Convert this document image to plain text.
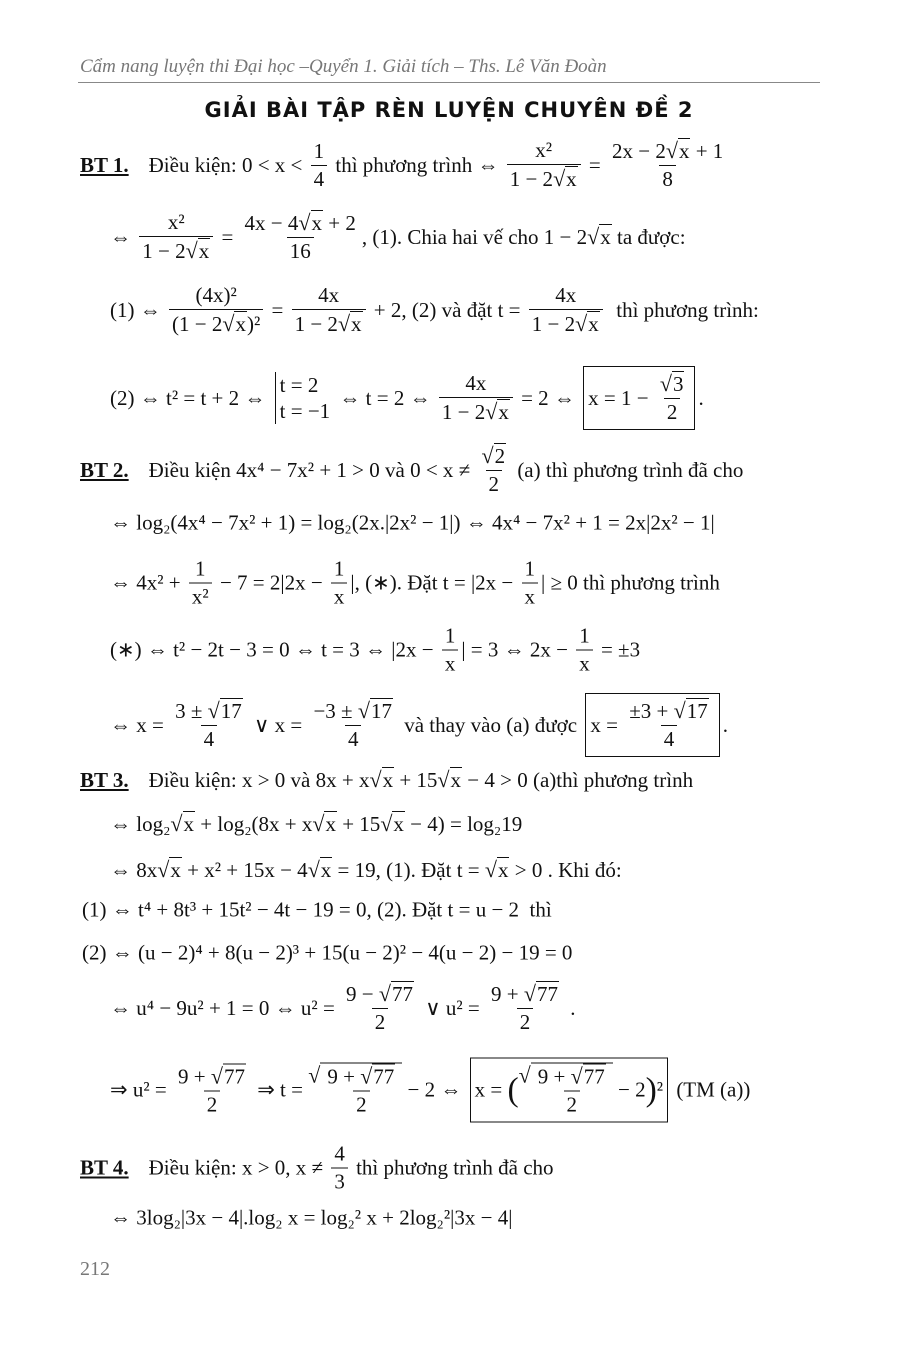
Cẩm nang luyện thi Đại học –Quyển 1. Giải tích – Ths. Lê Văn Đoàn
GIẢI BÀI TẬP RÈN LUYỆN CHUYÊN ĐỀ 2
BT 1. Điều kiện: $0 < x < \frac{1}{4}$ thì phương trình ⇔ $\frac{\text{x²}}{1 - 2 √ x} = \frac{2x - 2 √ x + 1}{8}$
⇔ $\frac{\text{x²}}{1 - 2 √ x} = \frac{4x - 4 √ x + 2}{16}$ , (1). Chia hai vế cho 1 − 2 √ x ta được:
(1) ⇔ $\frac{\text{(4x)²}}{\text{(1 − 2 √ x )²}} = \frac{4x}{1 - 2 √ x} + 2$, (2) và đặt $t = \frac{4x}{1 - 2 √ x}$ thì phương trình:
(2) ⇔ t² = t + 2 ⇔
t = 2
t = −1
⇔ t = 2 ⇔ $\frac{4x}{1 - 2 √ x} = 2$ ⇔ $x = 1 - \frac{√ 3}{2}$ .
BT 2. Điều kiện 4x⁴ − 7x² + 1 > 0 và $0 < x \ne \frac{√ 2}{2} (a)$ thì phương trình đã cho
⇔ log₂(4x⁴ − 7x² + 1) = log₂(2x.|2x² − 1|) ⇔ 4x⁴ − 7x² + 1 = 2x|2x² − 1|
⇔ $4x^2 + \frac{1}{\text{x²}} - 7 = 2|2x - \frac{1}{x}$ |, (∗). Đặt $t = |2x - \frac{1}{x}$ | ≥ 0 thì phương trình
(∗) ⇔ t² − 2t − 3 = 0 ⇔ t = 3 ⇔ $|2x - \frac{1}{x}$ | = 3 ⇔ $2x - \frac{1}{x} = \pm 3$
⇔ $x = \frac{3 \pm √ 17}{4}$ ∨ $x = \frac{-3 \pm √ 17}{4}$ và thay vào (a) được $x = \frac{\pm 3 + √ 17}{4}$ .
BT 3. Điều kiện: x > 0 và 8x + x √ x + 15 √ x − 4 > 0 (a)thì phương trình
⇔ log₂ √ x + log₂(8x + x √ x + 15 √ x − 4) = log₂19
⇔ 8x √ x + x² + 15x − 4 √ x = 19, (1). Đặt t = √ x > 0 . Khi đó:
(1) ⇔ t⁴ + 8t³ + 15t² − 4t − 19 = 0, (2). Đặt t = u − 2  thì
(2) ⇔ (u − 2)⁴ + 8(u − 2)³ + 15(u − 2)² − 4(u − 2) − 19 = 0
⇔ u⁴ − 9u² + 1 = 0 ⇔ $u^2 = \frac{9 - √ 77}{2}$ ∨ $u^2 = \frac{9 + √ 77}{2}$ .
⇒ $u^2 = \frac{9 + √ 77}{2}$ ⇒ t =
√ $\frac{9 + √ 77}{2} - 2$ ⇔ x = ( √ $\frac{9 + √ 77}{2} - 2$ ) ² (TM (a))
BT 4. Điều kiện: x > 0, $x \ne \frac{4}{3}$ thì phương trình đã cho
⇔ 3log₂|3x − 4|.log₂ x = log₂² x + 2log₂²|3x − 4|
212
